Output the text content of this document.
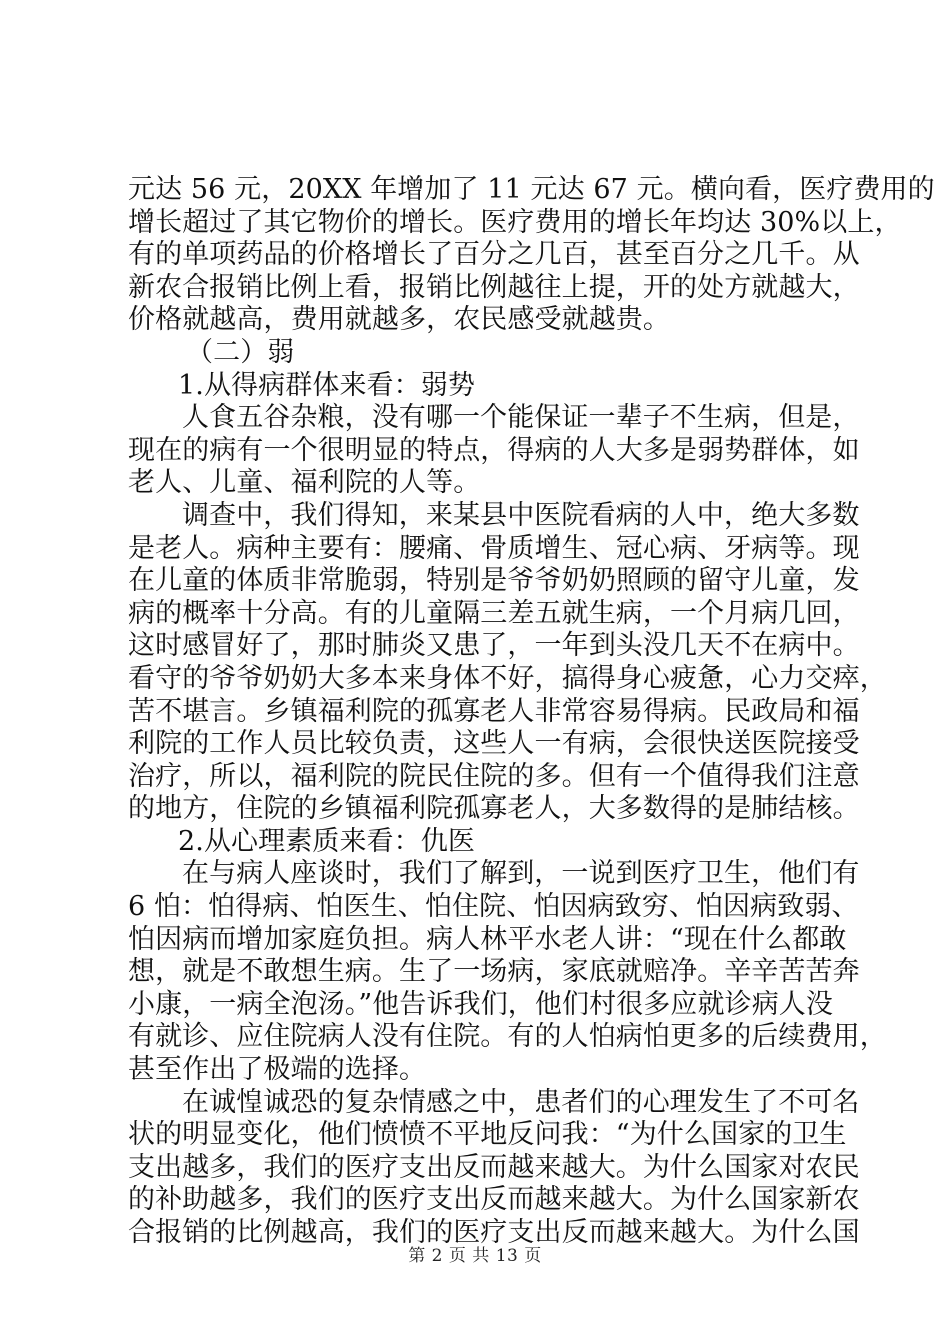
元达 56 元，20XX 年增加了 11 元达 67 元。横向看，医疗费用的
增长超过了其它物价的增长。医疗费用的增长年均达 30%以上，
有的单项药品的价格增长了百分之几百，甚至百分之几千。从
新农合报销比例上看，报销比例越往上提，开的处方就越大，
价格就越高，费用就越多，农民感受就越贵。
（二）弱
1.从得病群体来看：弱势
人食五谷杂粮，没有哪一个能保证一辈子不生病，但是，
现在的病有一个很明显的特点，得病的人大多是弱势群体，如
老人、儿童、福利院的人等。
调查中，我们得知，来某县中医院看病的人中，绝大多数
是老人。病种主要有：腰痛、骨质增生、冠心病、牙病等。现
在儿童的体质非常脆弱，特别是爷爷奶奶照顾的留守儿童，发
病的概率十分高。有的儿童隔三差五就生病，一个月病几回，
这时感冒好了，那时肺炎又患了，一年到头没几天不在病中。
看守的爷爷奶奶大多本来身体不好，搞得身心疲惫，心力交瘁，
苦不堪言。乡镇福利院的孤寡老人非常容易得病。民政局和福
利院的工作人员比较负责，这些人一有病，会很快送医院接受
治疗，所以，福利院的院民住院的多。但有一个值得我们注意
的地方，住院的乡镇福利院孤寡老人，大多数得的是肺结核。
2.从心理素质来看：仇医
在与病人座谈时，我们了解到，一说到医疗卫生，他们有
6 怕：怕得病、怕医生、怕住院、怕因病致穷、怕因病致弱、
怕因病而增加家庭负担。病人林平水老人讲：“现在什么都敢
想，就是不敢想生病。生了一场病，家底就赔净。辛辛苦苦奔
小康，一病全泡汤。”他告诉我们，他们村很多应就诊病人没
有就诊、应住院病人没有住院。有的人怕病怕更多的后续费用，
甚至作出了极端的选择。
在诚惶诚恐的复杂情感之中，患者们的心理发生了不可名
状的明显变化，他们愤愤不平地反问我：“为什么国家的卫生
支出越多，我们的医疗支出反而越来越大。为什么国家对农民
的补助越多，我们的医疗支出反而越来越大。为什么国家新农
合报销的比例越高，我们的医疗支出反而越来越大。为什么国
第 2 页 共 13 页
